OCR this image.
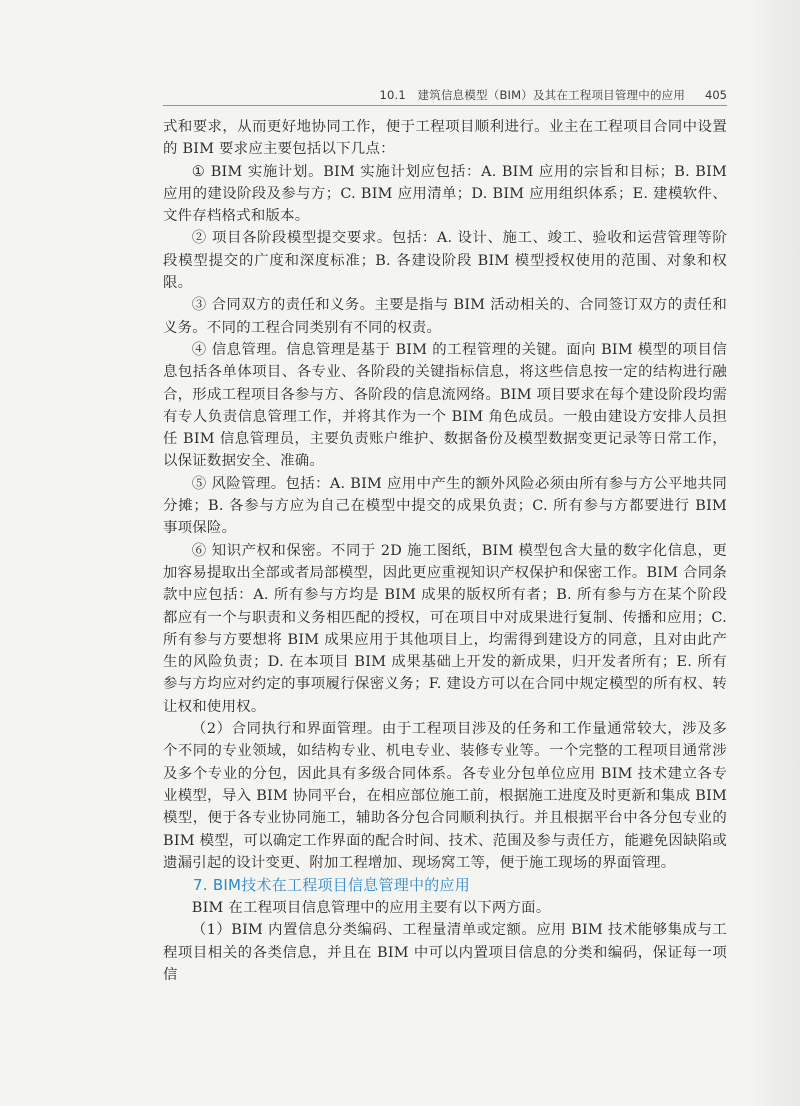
10.1　建筑信息模型（BIM）及其在工程项目管理中的应用 405

式和要求，从而更好地协同工作，便于工程项目顺利进行。业主在工程项目合同中设置的 BIM 要求应主要包括以下几点：

① BIM 实施计划。BIM 实施计划应包括：A. BIM 应用的宗旨和目标；B. BIM 应用的建设阶段及参与方；C. BIM 应用清单；D. BIM 应用组织体系；E. 建模软件、文件存档格式和版本。

② 项目各阶段模型提交要求。包括：A. 设计、施工、竣工、验收和运营管理等阶段模型提交的广度和深度标准；B. 各建设阶段 BIM 模型授权使用的范围、对象和权限。

③ 合同双方的责任和义务。主要是指与 BIM 活动相关的、合同签订双方的责任和义务。不同的工程合同类别有不同的权责。

④ 信息管理。信息管理是基于 BIM 的工程管理的关键。面向 BIM 模型的项目信息包括各单体项目、各专业、各阶段的关键指标信息，将这些信息按一定的结构进行融合，形成工程项目各参与方、各阶段的信息流网络。BIM 项目要求在每个建设阶段均需有专人负责信息管理工作，并将其作为一个 BIM 角色成员。一般由建设方安排人员担任 BIM 信息管理员，主要负责账户维护、数据备份及模型数据变更记录等日常工作，以保证数据安全、准确。

⑤ 风险管理。包括：A. BIM 应用中产生的额外风险必须由所有参与方公平地共同分摊；B. 各参与方应为自己在模型中提交的成果负责；C. 所有参与方都要进行 BIM 事项保险。

⑥ 知识产权和保密。不同于 2D 施工图纸，BIM 模型包含大量的数字化信息，更加容易提取出全部或者局部模型，因此更应重视知识产权保护和保密工作。BIM 合同条款中应包括：A. 所有参与方均是 BIM 成果的版权所有者；B. 所有参与方在某个阶段都应有一个与职责和义务相匹配的授权，可在项目中对成果进行复制、传播和应用；C. 所有参与方要想将 BIM 成果应用于其他项目上，均需得到建设方的同意，且对由此产生的风险负责；D. 在本项目 BIM 成果基础上开发的新成果，归开发者所有；E. 所有参与方均应对约定的事项履行保密义务；F. 建设方可以在合同中规定模型的所有权、转让权和使用权。

（2）合同执行和界面管理。由于工程项目涉及的任务和工作量通常较大，涉及多个不同的专业领域，如结构专业、机电专业、装修专业等。一个完整的工程项目通常涉及多个专业的分包，因此具有多级合同体系。各专业分包单位应用 BIM 技术建立各专业模型，导入 BIM 协同平台，在相应部位施工前，根据施工进度及时更新和集成 BIM 模型，便于各专业协同施工，辅助各分包合同顺利执行。并且根据平台中各分包专业的 BIM 模型，可以确定工作界面的配合时间、技术、范围及参与责任方，能避免因缺陷或遗漏引起的设计变更、附加工程增加、现场窝工等，便于施工现场的界面管理。

7. BIM技术在工程项目信息管理中的应用

BIM 在工程项目信息管理中的应用主要有以下两方面。

（1）BIM 内置信息分类编码、工程量清单或定额。应用 BIM 技术能够集成与工程项目相关的各类信息，并且在 BIM 中可以内置项目信息的分类和编码，保证每一项信
